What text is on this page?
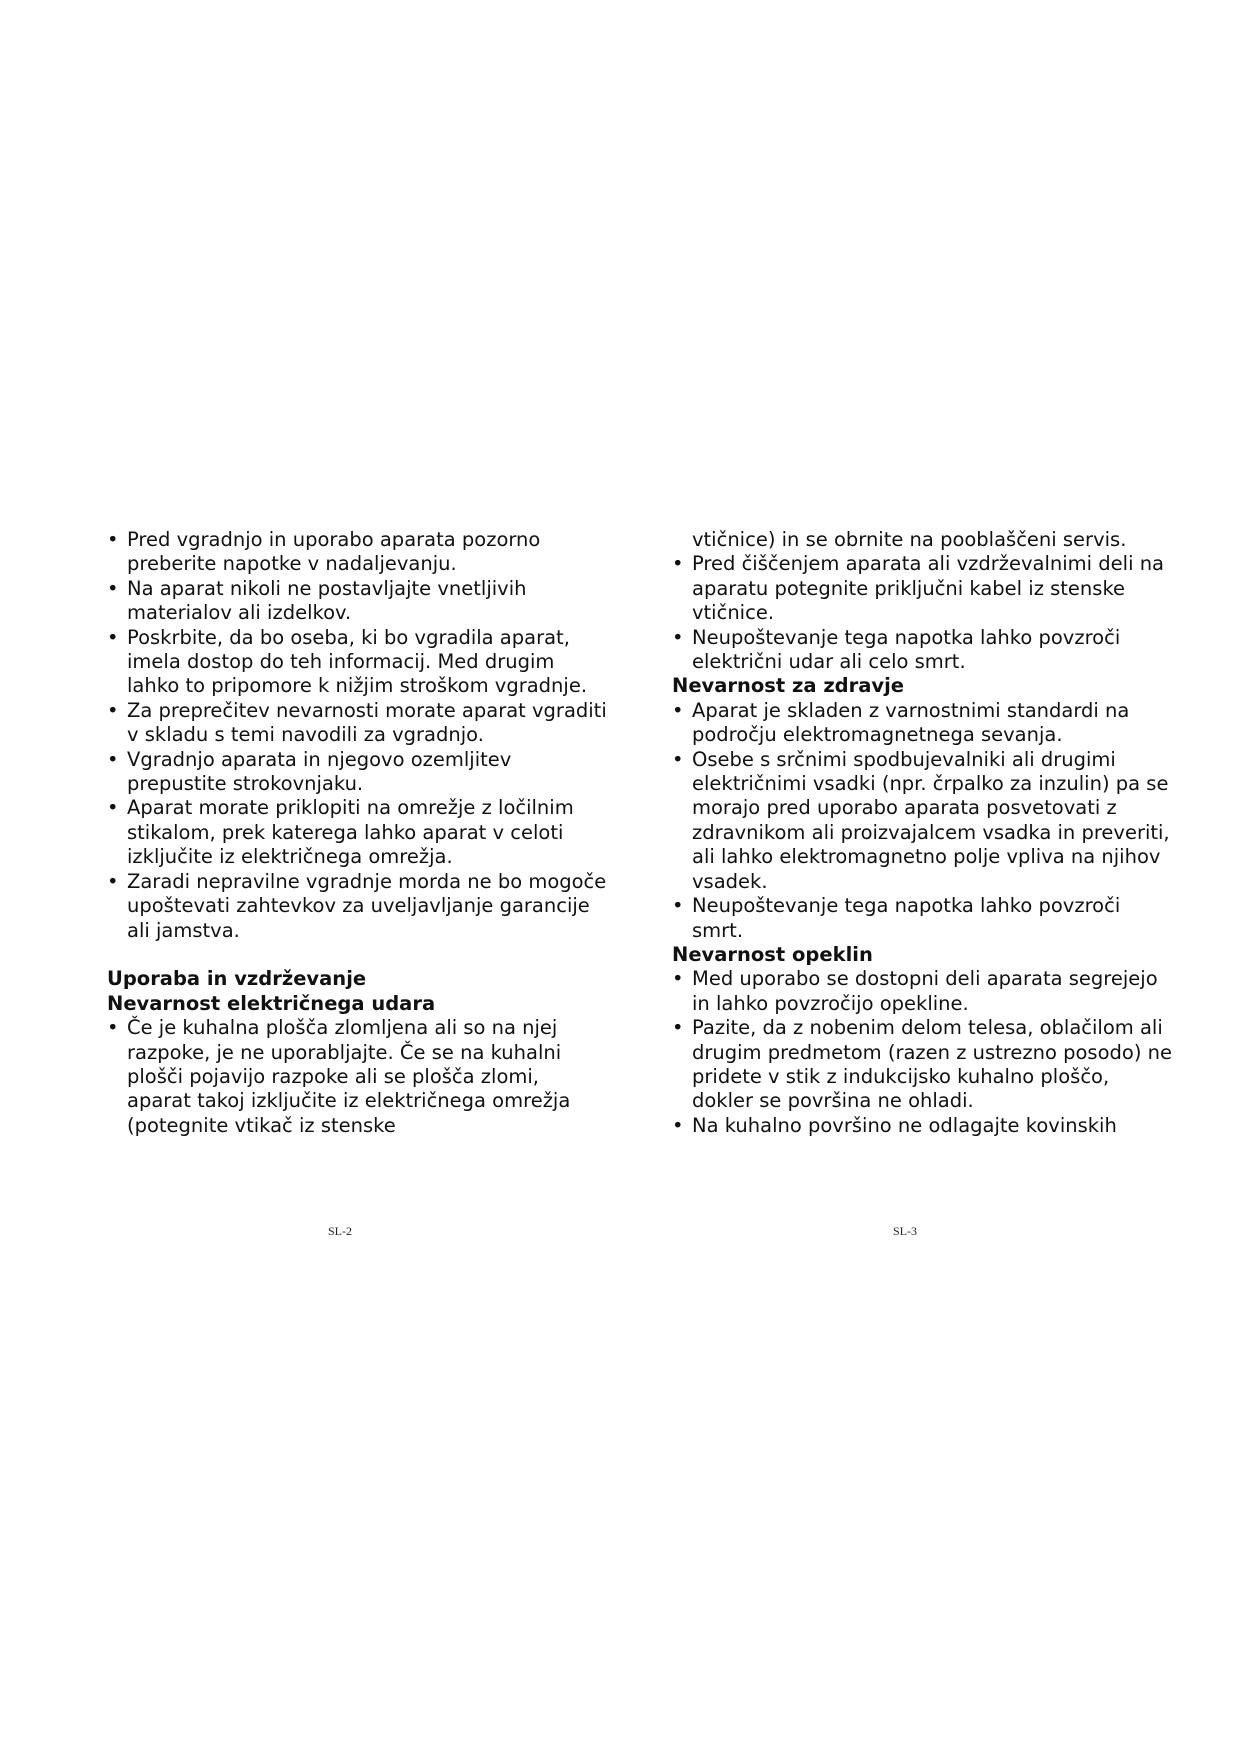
• Pred vgradnjo in uporabo aparata pozorno preberite napotke v nadaljevanju.
• Na aparat nikoli ne postavljajte vnetljivih materialov ali izdelkov.
• Poskrbite, da bo oseba, ki bo vgradila aparat, imela dostop do teh informacij. Med drugim lahko to pripomore k nižjim stroškom vgradnje.
• Za preprečitev nevarnosti morate aparat vgraditi v skladu s temi navodili za vgradnjo.
• Vgradnjo aparata in njegovo ozemljitev prepustite strokovnjaku.
• Aparat morate priklopiti na omrežje z ločilnim stikalom, prek katerega lahko aparat v celoti izključite iz električnega omrežja.
• Zaradi nepravilne vgradnje morda ne bo mogoče upoštevati zahtevkov za uveljavljanje garancije ali jamstva.
Uporaba in vzdrževanje
Nevarnost električnega udara
• Če je kuhalna plošča zlomljena ali so na njej razpoke, je ne uporabljajte. Če se na kuhalni plošči pojavijo razpoke ali se plošča zlomi, aparat takoj izključite iz električnega omrežja (potegnite vtikač iz stenske
vtičnice) in se obrnite na pooblaščeni servis.
• Pred čiščenjem aparata ali vzdrževalnimi deli na aparatu potegnite priključni kabel iz stenske vtičnice.
• Neupoštevanje tega napotka lahko povzroči električni udar ali celo smrt.
Nevarnost za zdravje
• Aparat je skladen z varnostnimi standardi na področju elektromagnetnega sevanja.
• Osebe s srčnimi spodbujevalniki ali drugimi električnimi vsadki (npr. črpalko za inzulin) pa se morajo pred uporabo aparata posvetovati z zdravnikom ali proizvajalcem vsadka in preveriti, ali lahko elektromagnetno polje vpliva na njihov vsadek.
• Neupoštevanje tega napotka lahko povzroči smrt.
Nevarnost opeklin
• Med uporabo se dostopni deli aparata segrejejo in lahko povzročijo opekline.
• Pazite, da z nobenim delom telesa, oblačilom ali drugim predmetom (razen z ustrezno posodo) ne pridete v stik z indukcijsko kuhalno ploščo, dokler se površina ne ohladi.
• Na kuhalno površino ne odlagajte kovinskih
SL-2	SL-3
